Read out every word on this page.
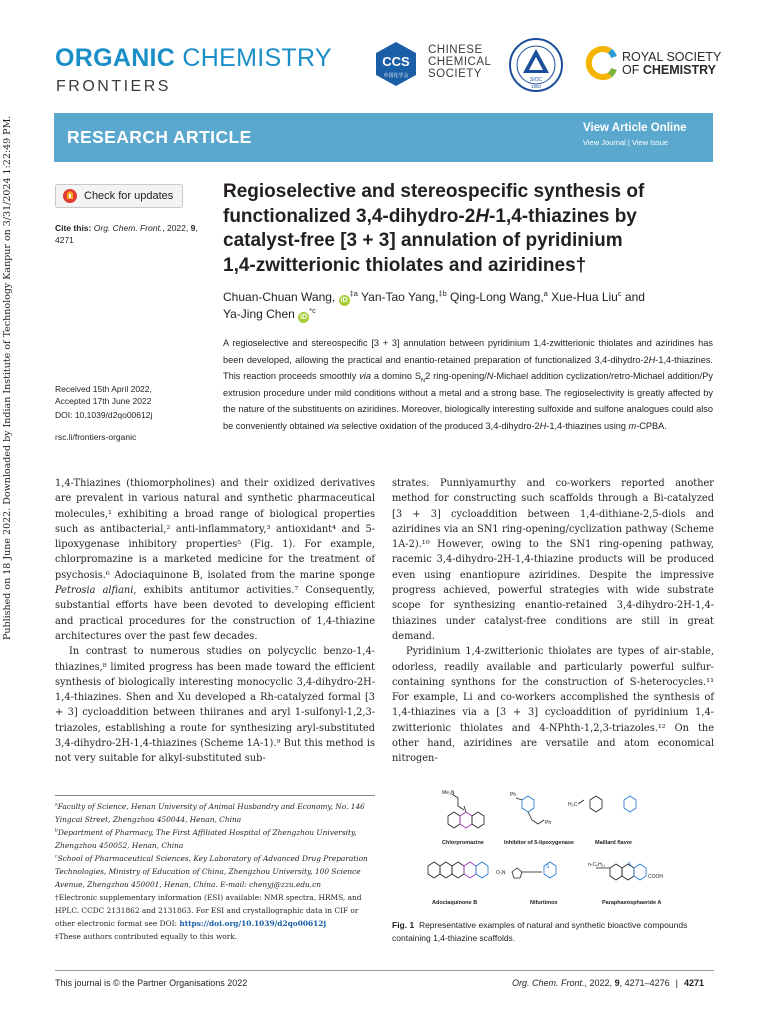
Published on 18 June 2022. Downloaded by Indian Institute of Technology Kanpur on 3/31/2024 1:22:49 PM.
ORGANIC CHEMISTRY
FRONTIERS
CCS
中国化学会
CHINESE
CHEMICAL
SOCIETY	SIOC
1950
ROYAL SOCIETY
OF CHEMISTRY
RESEARCH ARTICLE	View Article Online
View Journal | View Issue
Check for updates
Cite this: Org. Chem. Front., 2022, 9, 4271
Regioselective and stereospecific synthesis of
functionalized 3,4-dihydro-2H-1,4-thiazines by
catalyst-free [3 + 3] annulation of pyridinium
1,4-zwitterionic thiolates and aziridines†
Chuan-Chuan Wang, $iD^{\ddagger a}$ Yan-Tao Yang,$^{\ddagger b}$ Qing-Long Wang,$^a$ Xue-Hua Liu$^c$ and
Ya-Jing Chen $iD^{*c}$
A regioselective and stereospecific [3 + 3] annulation between pyridinium 1,4-zwitterionic thiolates and aziridines has been developed, allowing the practical and enantio-retained preparation of functionalized 3,4-dihydro-2H-1,4-thiazines. This reaction proceeds smoothly via a domino $S_N2$ ring-opening/N-Michael addition cyclization/retro-Michael addition/Py extrusion procedure under mild conditions without a metal and a strong base. The regioselectivity is greatly affected by the nature of the substituents on aziridines. Moreover, biologically interesting sulfoxide and sulfone analogues could also be conveniently obtained via selective oxidation of the produced 3,4-dihydro-2H-1,4-thiazines using m-CPBA.
Received 15th April 2022,
Accepted 17th June 2022
DOI: 10.1039/d2qo00612j
rsc.li/frontiers-organic

1,4-Thiazines (thiomorpholines) and their oxidized derivatives are prevalent in various natural and synthetic pharmaceutical molecules,¹ exhibiting a broad range of biological properties such as antibacterial,² anti-inflammatory,³ antioxidant⁴ and 5-lipoxygenase inhibitory properties⁵ (Fig. 1). For example, chlorpromazine is a marketed medicine for the treatment of psychosis.⁶ Adociaquinone B, isolated from the marine sponge Petrosia alfiani, exhibits antitumor activities.⁷ Consequently, substantial efforts have been devoted to developing efficient and practical procedures for the construction of 1,4-thiazine architectures over the past few decades.

In contrast to numerous studies on polycyclic benzo-1,4-thiazines,⁸ limited progress has been made toward the efficient synthesis of biologically interesting monocyclic 3,4-dihydro-2H-1,4-thiazines. Shen and Xu developed a Rh-catalyzed formal [3 + 3] cycloaddition between thiiranes and aryl 1-sulfonyl-1,2,3-triazoles, establishing a route for synthesizing aryl-substituted 3,4-dihydro-2H-1,4-thiazines (Scheme 1A-1).⁹ But this method is not very suitable for alkyl-substituted sub-

strates. Punniyamurthy and co-workers reported another method for constructing such scaffolds through a Bi-catalyzed [3 + 3] cycloaddition between 1,4-dithiane-2,5-diols and aziridines via an SN1 ring-opening/cyclization pathway (Scheme 1A-2).¹⁰ However, owing to the SN1 ring-opening pathway, racemic 3,4-dihydro-2H-1,4-thiazine products will be produced even using enantiopure aziridines. Despite the impressive progress achieved, powerful strategies with wide substrate scope for synthesizing enantio-retained 3,4-dihydro-2H-1,4-thiazines under catalyst-free conditions are still in great demand.

Pyridinium 1,4-zwitterionic thiolates are types of air-stable, odorless, readily available and particularly powerful sulfur-containing synthons for the construction of S-heterocycles.¹¹ For example, Li and co-workers accomplished the synthesis of 1,4-thiazines via a [3 + 3] cycloaddition of pyridinium 1,4-zwitterionic thiolates and 4-NPhth-1,2,3-triazoles.¹² On the other hand, aziridines are versatile and atom economical nitrogen-

$^a$Faculty of Science, Henan University of Animal Husbandry and Economy, No. 146 Yingcai Street, Zhengzhou 450044, Henan, China
$^b$Department of Pharmacy, The First Affiliated Hospital of Zhengzhou University, Zhengzhou 450052, Henan, China
$^c$School of Pharmaceutical Sciences, Key Laboratory of Advanced Drug Preparation Technologies, Ministry of Education of China, Zhengzhou University, 100 Science Avenue, Zhengzhou 450001, Henan, China. E-mail: chenyj@zzu.edu.cn
†Electronic supplementary information (ESI) available: NMR spectra, HRMS, and HPLC. CCDC 2131862 and 2131863. For ESI and crystallographic data in CIF or other electronic format see DOI: https://doi.org/10.1039/d2qo00612j
‡These authors contributed equally to this work.
Me₂N	Ph
Ph
H₃C
S	S
COOH
O₂N
n-C₅H₁₁
Chlorpromazine	Inhibitor of 5-lipoxygenase	Maillard flavor
Adociaquinone B	Nifurtimox	Paraphaeosphaeride A
Fig. 1 Representative examples of natural and synthetic bioactive compounds containing 1,4-thiazine scaffolds.
This journal is © the Partner Organisations 2022	Org. Chem. Front., 2022, 9, 4271–4276 | 4271
